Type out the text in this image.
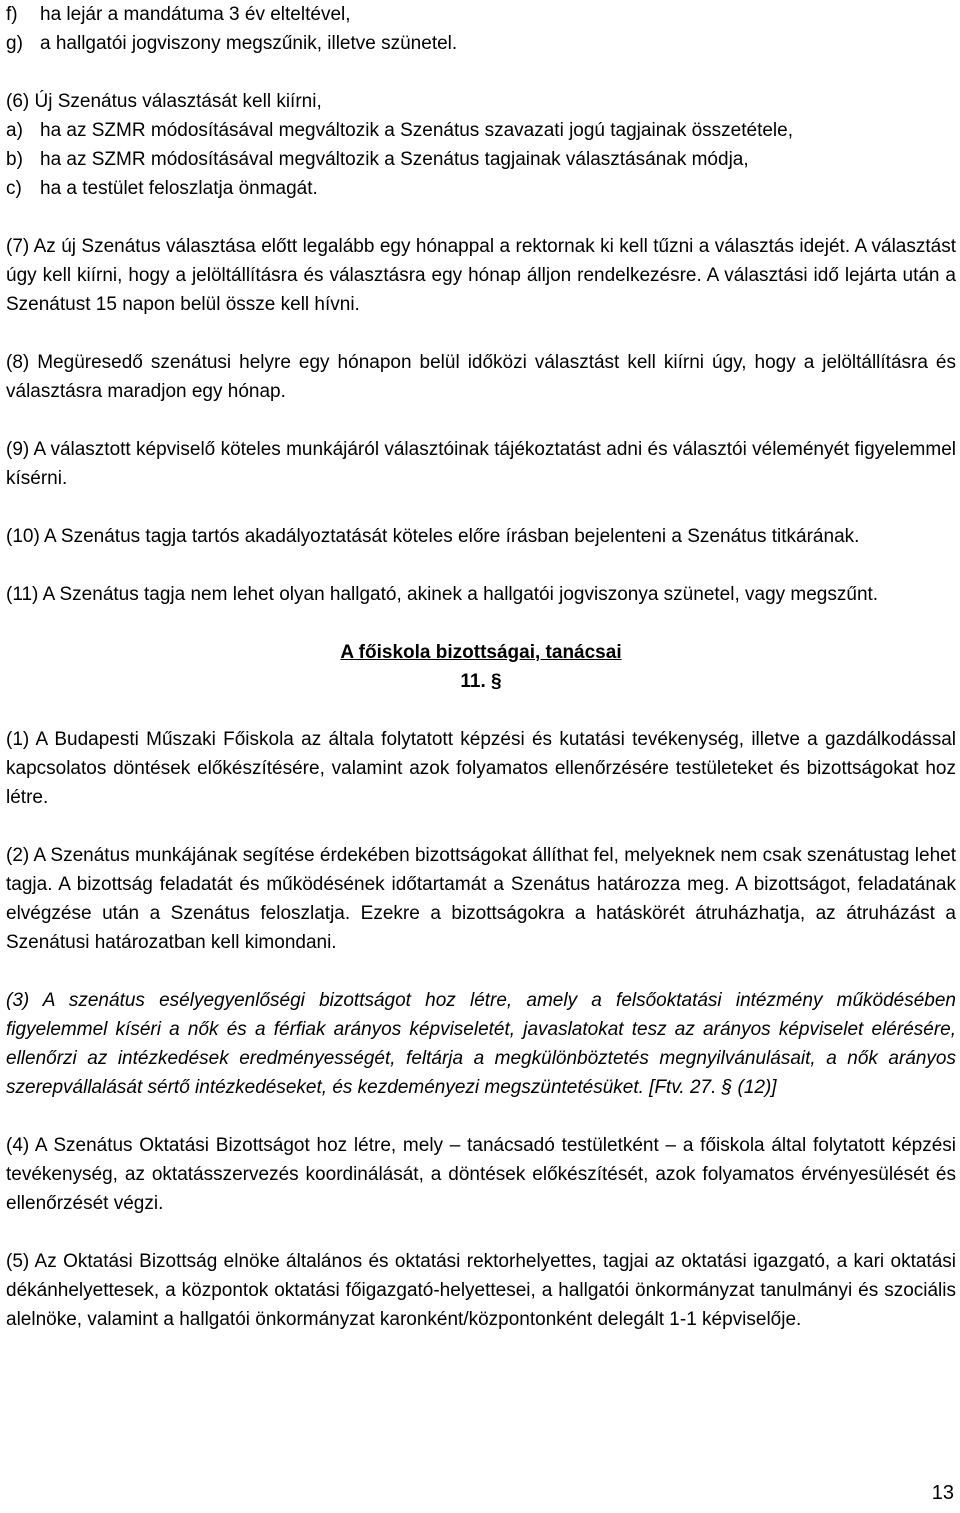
f)	ha lejár a mandátuma 3 év elteltével,
g) a hallgatói jogviszony megszűnik, illetve szünetel.

(6) Új Szenátus választását kell kiírni,

a) ha az SZMR módosításával megváltozik a Szenátus szavazati jogú tagjainak összetétele,
b) ha az SZMR módosításával megváltozik a Szenátus tagjainak választásának módja,
c) ha a testület feloszlatja önmagát.

(7) Az új Szenátus választása előtt legalább egy hónappal a rektornak ki kell tűzni a választás idejét. A választást úgy kell kiírni, hogy a jelöltállításra és választásra egy hónap álljon rendelkezésre. A választási idő lejárta után a Szenátust 15 napon belül össze kell hívni.

(8) Megüresedő szenátusi helyre egy hónapon belül időközi választást kell kiírni úgy, hogy a jelöltállításra és választásra maradjon egy hónap.

(9) A választott képviselő köteles munkájáról választóinak tájékoztatást adni és választói véleményét figyelemmel kísérni.

(10) A Szenátus tagja tartós akadályoztatását köteles előre írásban bejelenteni a Szenátus titkárának.

(11) A Szenátus tagja nem lehet olyan hallgató, akinek a hallgatói jogviszonya szünetel, vagy megszűnt.

A főiskola bizottságai, tanácsai
11. §

(1) A Budapesti Műszaki Főiskola az általa folytatott képzési és kutatási tevékenység, illetve a gazdálkodással kapcsolatos döntések előkészítésére, valamint azok folyamatos ellenőrzésére testületeket és bizottságokat hoz létre.

(2) A Szenátus munkájának segítése érdekében bizottságokat állíthat fel, melyeknek nem csak szenátustag lehet tagja. A bizottság feladatát és működésének időtartamát a Szenátus határozza meg. A bizottságot, feladatának elvégzése után a Szenátus feloszlatja. Ezekre a bizottságokra a hatáskörét átruházhatja, az átruházást a Szenátusi határozatban kell kimondani.

(3) A szenátus esélyegyenlőségi bizottságot hoz létre, amely a felsőoktatási intézmény működésében figyelemmel kíséri a nők és a férfiak arányos képviseletét, javaslatokat tesz az arányos képviselet elérésére, ellenőrzi az intézkedések eredményességét, feltárja a megkülönböztetés megnyilvánulásait, a nők arányos szerepvállalását sértő intézkedéseket, és kezdeményezi megszüntetésüket. [Ftv. 27. § (12)]

(4) A Szenátus Oktatási Bizottságot hoz létre, mely – tanácsadó testületként – a főiskola által folytatott képzési tevékenység, az oktatásszervezés koordinálását, a döntések előkészítését, azok folyamatos érvényesülését és ellenőrzését végzi.

(5) Az Oktatási Bizottság elnöke általános és oktatási rektorhelyettes, tagjai az oktatási igazgató, a kari oktatási dékánhelyettesek, a központok oktatási főigazgató-helyettesei, a hallgatói önkormányzat tanulmányi és szociális alelnöke, valamint a hallgatói önkormányzat karonként/központonként delegált 1-1 képviselője.

13
